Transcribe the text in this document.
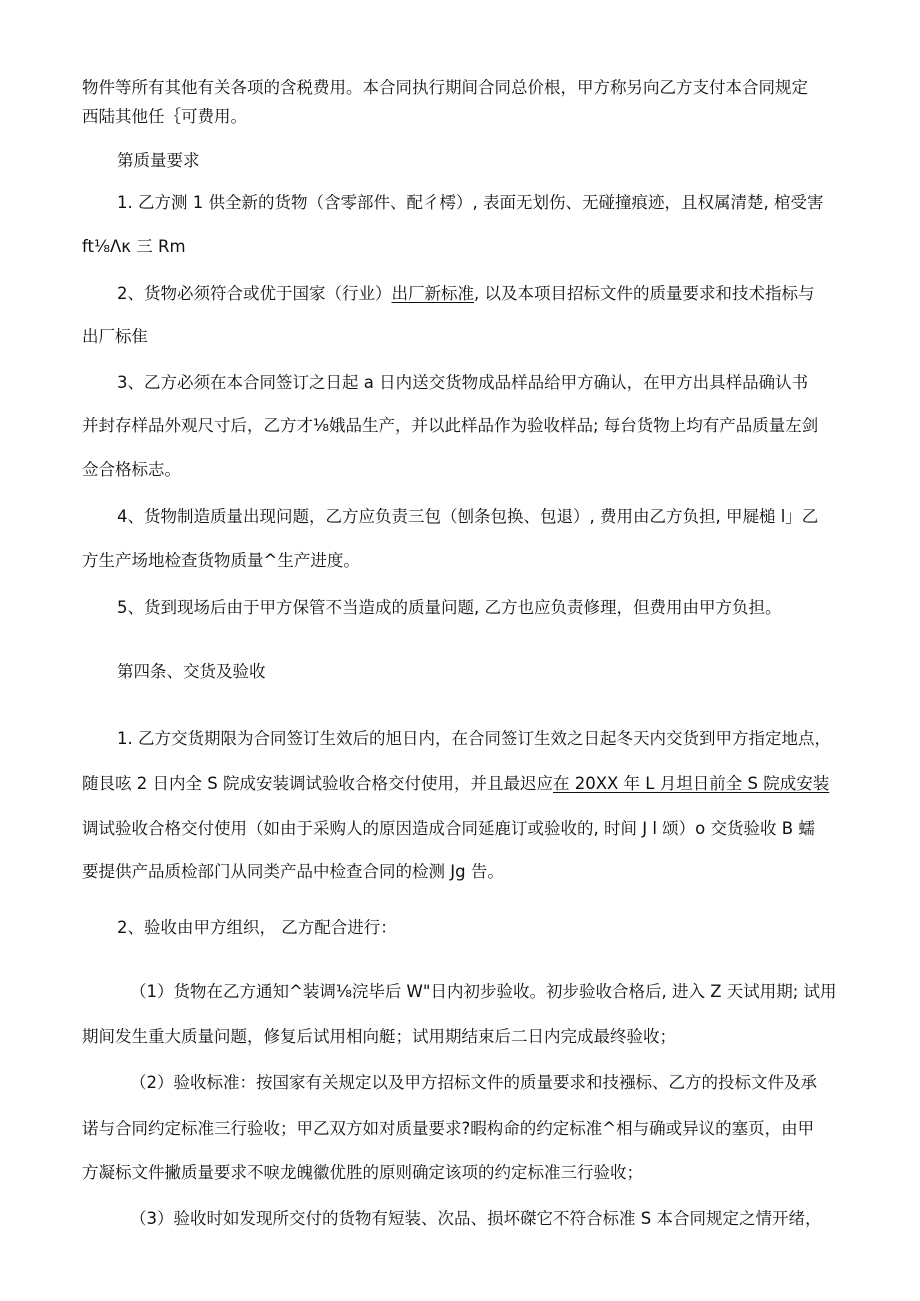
物件等所有其他有关各项的含税费用。本合同执行期间合同总价根，甲方称另向乙方支付本合同规定
西陆其他任｛可费用。
第质量要求
1. 乙方测 1 供全新的货物（含零部件、配彳樗）, 表面无划伤、无碰撞痕迹，且权属清楚, 棺受害
ft⅛Λκ 三 Rm
2、货物必须符合或优于国家（行业）出厂新标准, 以及本项目招标文件的质量要求和技术指标与
出厂标隹
3、乙方必须在本合同签订之日起 a 日内送交货物成品样品给甲方确认，在甲方出具样品确认书
并封存样品外观尺寸后，乙方才⅛娥品生产，并以此样品作为验收样品; 每台货物上均有产品质量左剑
佥合格标志。
4、货物制造质量出现问题，乙方应负责三包（刨条包换、包退）, 费用由乙方负担, 甲屣槌 l」乙
方生产场地检查货物质量^生产进度。
5、货到现场后由于甲方保管不当造成的质量问题, 乙方也应负责修理，但费用由甲方负担。
第四条、交货及验收
1. 乙方交货期限为合同签订生效后的旭日内，在合同签订生效之日起冬天内交货到甲方指定地点，
随艮呟 2 日内全 S 院成安装调试验收合格交付使用，并且最迟应在 20XX 年 L 月坦日前全 S 院成安装
调试验收合格交付使用（如由于采购人的原因造成合同延鹿订或验收的, 时间 J l 颂）o 交货验收 B 蠕
要提供产品质检部门从同类产品中检查合同的检测 Jg 告。
2、验收由甲方组织， 乙方配合进行：
（1）货物在乙方通知^装调⅛浣毕后 W"日内初步验收。初步验收合格后, 进入 Z 天试用期; 试用
期间发生重大质量问题，修复后试用相向艇；试用期结束后二日内完成最终验收；
（2）验收标准：按国家有关规定以及甲方招标文件的质量要求和技襁标、乙方的投标文件及承
诺与合同约定标准三行验收；甲乙双方如对质量要求?暇构命的约定标准^相与确或异议的塞页，由甲
方凝标文件撇质量要求不唳龙魄徽优胜的原则确定该项的约定标准三行验收；
（3）验收时如发现所交付的货物有短装、次品、损坏磔它不符合标准 S 本合同规定之情开绪，
